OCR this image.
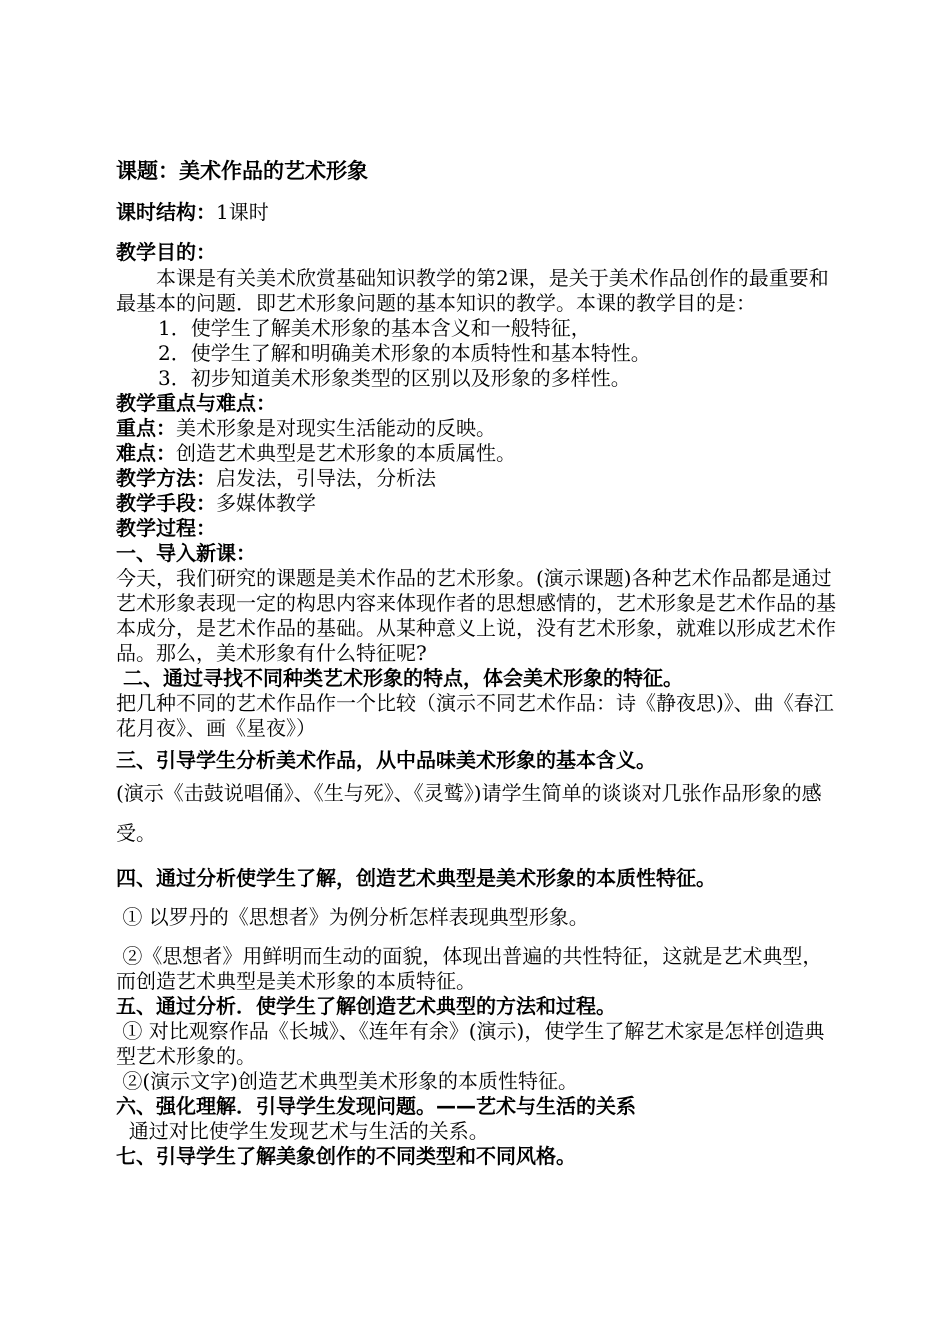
课题：美术作品的艺术形象
课时结构：1课时
教学目的：
本课是有关美术欣赏基础知识教学的第2课，是关于美术作品创作的最重要和最基本的问题．即艺术形象问题的基本知识的教学。本课的教学目的是：
1．使学生了解美术形象的基本含义和一般特征，
2．使学生了解和明确美术形象的本质特性和基本特性。
3．初步知道美术形象类型的区别以及形象的多样性。
教学重点与难点：
重点：美术形象是对现实生活能动的反映。
难点：创造艺术典型是艺术形象的本质属性。
教学方法：启发法，引导法，分析法
教学手段：多媒体教学
教学过程：
一、导入新课：
今天，我们研究的课题是美术作品的艺术形象。(演示课题)各种艺术作品都是通过艺术形象表现一定的构思内容来体现作者的思想感情的，艺术形象是艺术作品的基本成分，是艺术作品的基础。从某种意义上说，没有艺术形象，就难以形成艺术作品。那么，美术形象有什么特征呢?
二、通过寻找不同种类艺术形象的特点，体会美术形象的特征。
把几种不同的艺术作品作一个比较（演示不同艺术作品：诗《静夜思)》、曲《春江花月夜》、画《星夜》）
三、引导学生分析美术作品，从中品味美术形象的基本含义。
(演示《击鼓说唱俑》、《生与死》、《灵鹫》)请学生简单的谈谈对几张作品形象的感受。
四、通过分析使学生了解，创造艺术典型是美术形象的本质性特征。
① 以罗丹的《思想者》为例分析怎样表现典型形象。
②《思想者》用鲜明而生动的面貌，体现出普遍的共性特征，这就是艺术典型，而创造艺术典型是美术形象的本质特征。
五、通过分析．使学生了解创造艺术典型的方法和过程。
① 对比观察作品《长城》、《连年有余》(演示)，使学生了解艺术家是怎样创造典型艺术形象的。
②(演示文字)创造艺术典型美术形象的本质性特征。
六、强化理解．引导学生发现问题。——艺术与生活的关系
通过对比使学生发现艺术与生活的关系。
七、引导学生了解美象创作的不同类型和不同风格。
